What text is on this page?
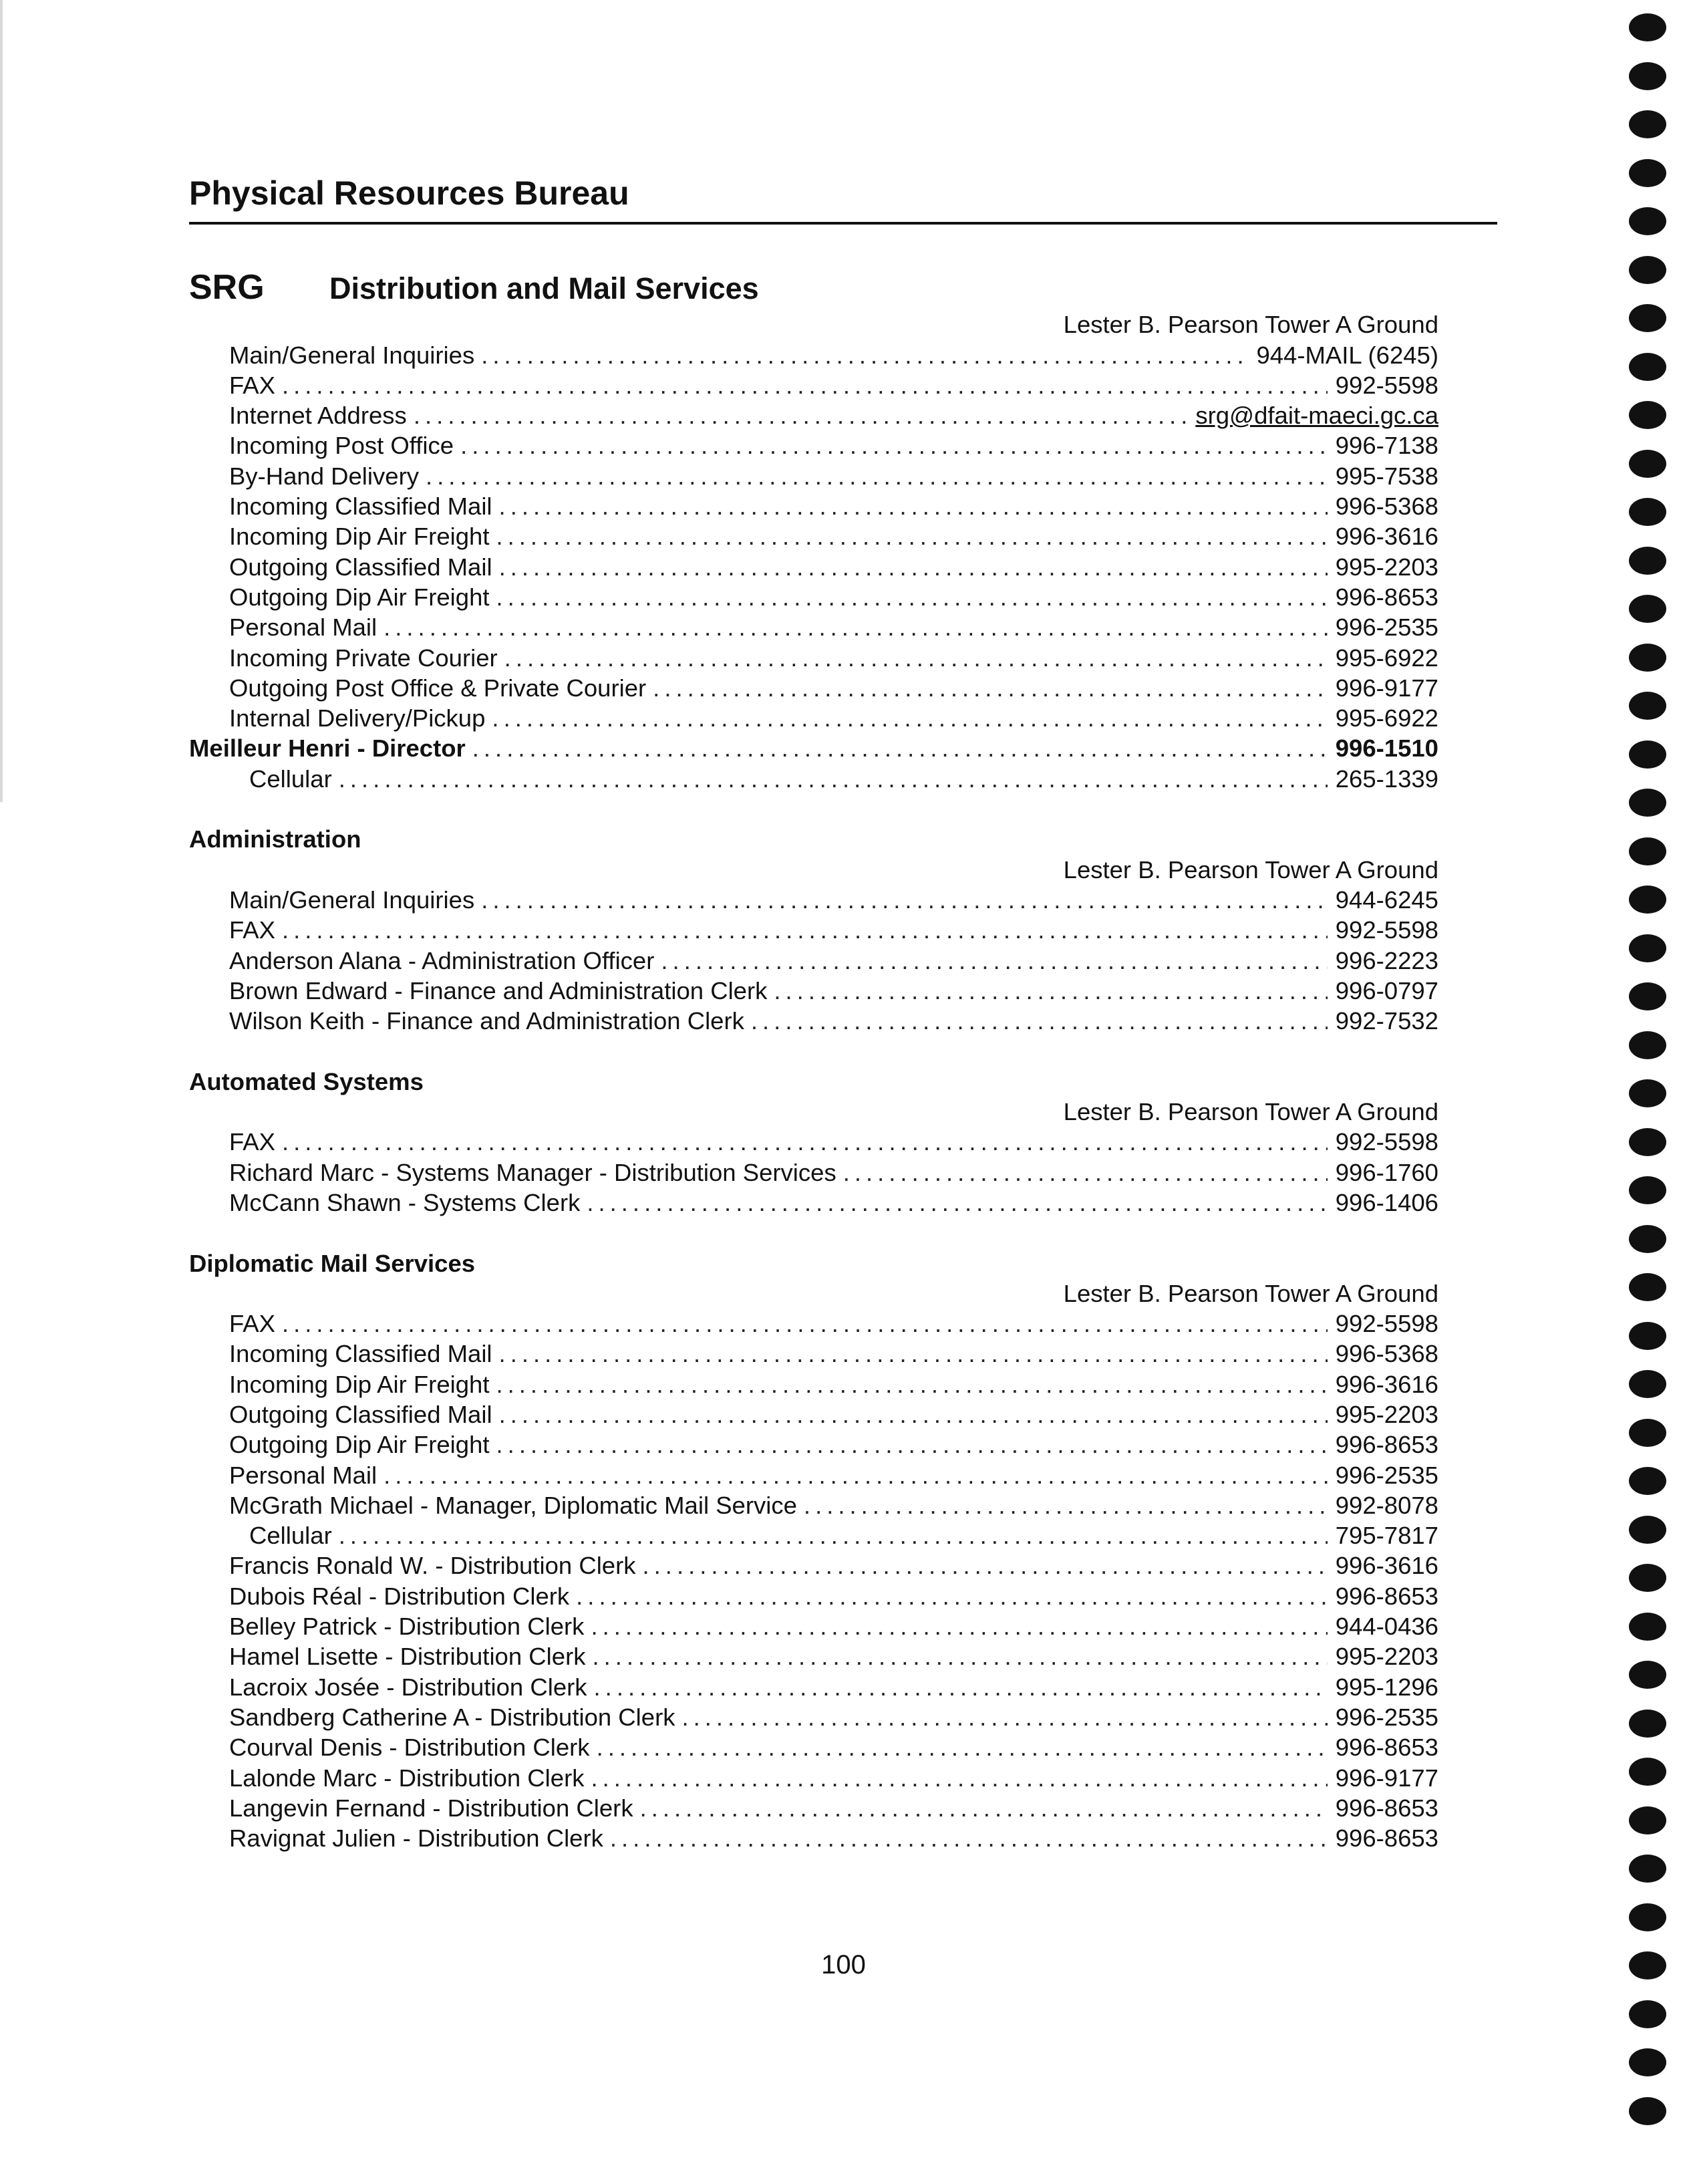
Physical Resources Bureau
SRG	Distribution and Mail Services
Lester B. Pearson Tower A Ground
Main/General Inquiries .....	944-MAIL (6245)
FAX .....	992-5598
Internet Address .....	srg@dfait-maeci.gc.ca
Incoming Post Office .....	996-7138
By-Hand Delivery .....	995-7538
Incoming Classified Mail .....	996-5368
Incoming Dip Air Freight .....	996-3616
Outgoing Classified Mail .....	995-2203
Outgoing Dip Air Freight .....	996-8653
Personal Mail .....	996-2535
Incoming Private Courier .....	995-6922
Outgoing Post Office & Private Courier .....	996-9177
Internal Delivery/Pickup .....	995-6922
Meilleur Henri - Director .....	996-1510
Cellular .....	265-1339
Administration
Lester B. Pearson Tower A Ground
Main/General Inquiries .....	944-6245
FAX .....	992-5598
Anderson Alana - Administration Officer .....	996-2223
Brown Edward - Finance and Administration Clerk .....	996-0797
Wilson Keith - Finance and Administration Clerk .....	992-7532
Automated Systems
Lester B. Pearson Tower A Ground
FAX .....	992-5598
Richard Marc - Systems Manager - Distribution Services .....	996-1760
McCann Shawn - Systems Clerk .....	996-1406
Diplomatic Mail Services
Lester B. Pearson Tower A Ground
FAX .....	992-5598
Incoming Classified Mail .....	996-5368
Incoming Dip Air Freight .....	996-3616
Outgoing Classified Mail .....	995-2203
Outgoing Dip Air Freight .....	996-8653
Personal Mail .....	996-2535
McGrath Michael - Manager, Diplomatic Mail Service .....	992-8078
Cellular .....	795-7817
Francis Ronald W. - Distribution Clerk .....	996-3616
Dubois Réal - Distribution Clerk .....	996-8653
Belley Patrick - Distribution Clerk .....	944-0436
Hamel Lisette - Distribution Clerk .....	995-2203
Lacroix Josée - Distribution Clerk .....	995-1296
Sandberg Catherine A - Distribution Clerk .....	996-2535
Courval Denis - Distribution Clerk .....	996-8653
Lalonde Marc - Distribution Clerk .....	996-9177
Langevin Fernand - Distribution Clerk .....	996-8653
Ravignat Julien - Distribution Clerk .....	996-8653
100
